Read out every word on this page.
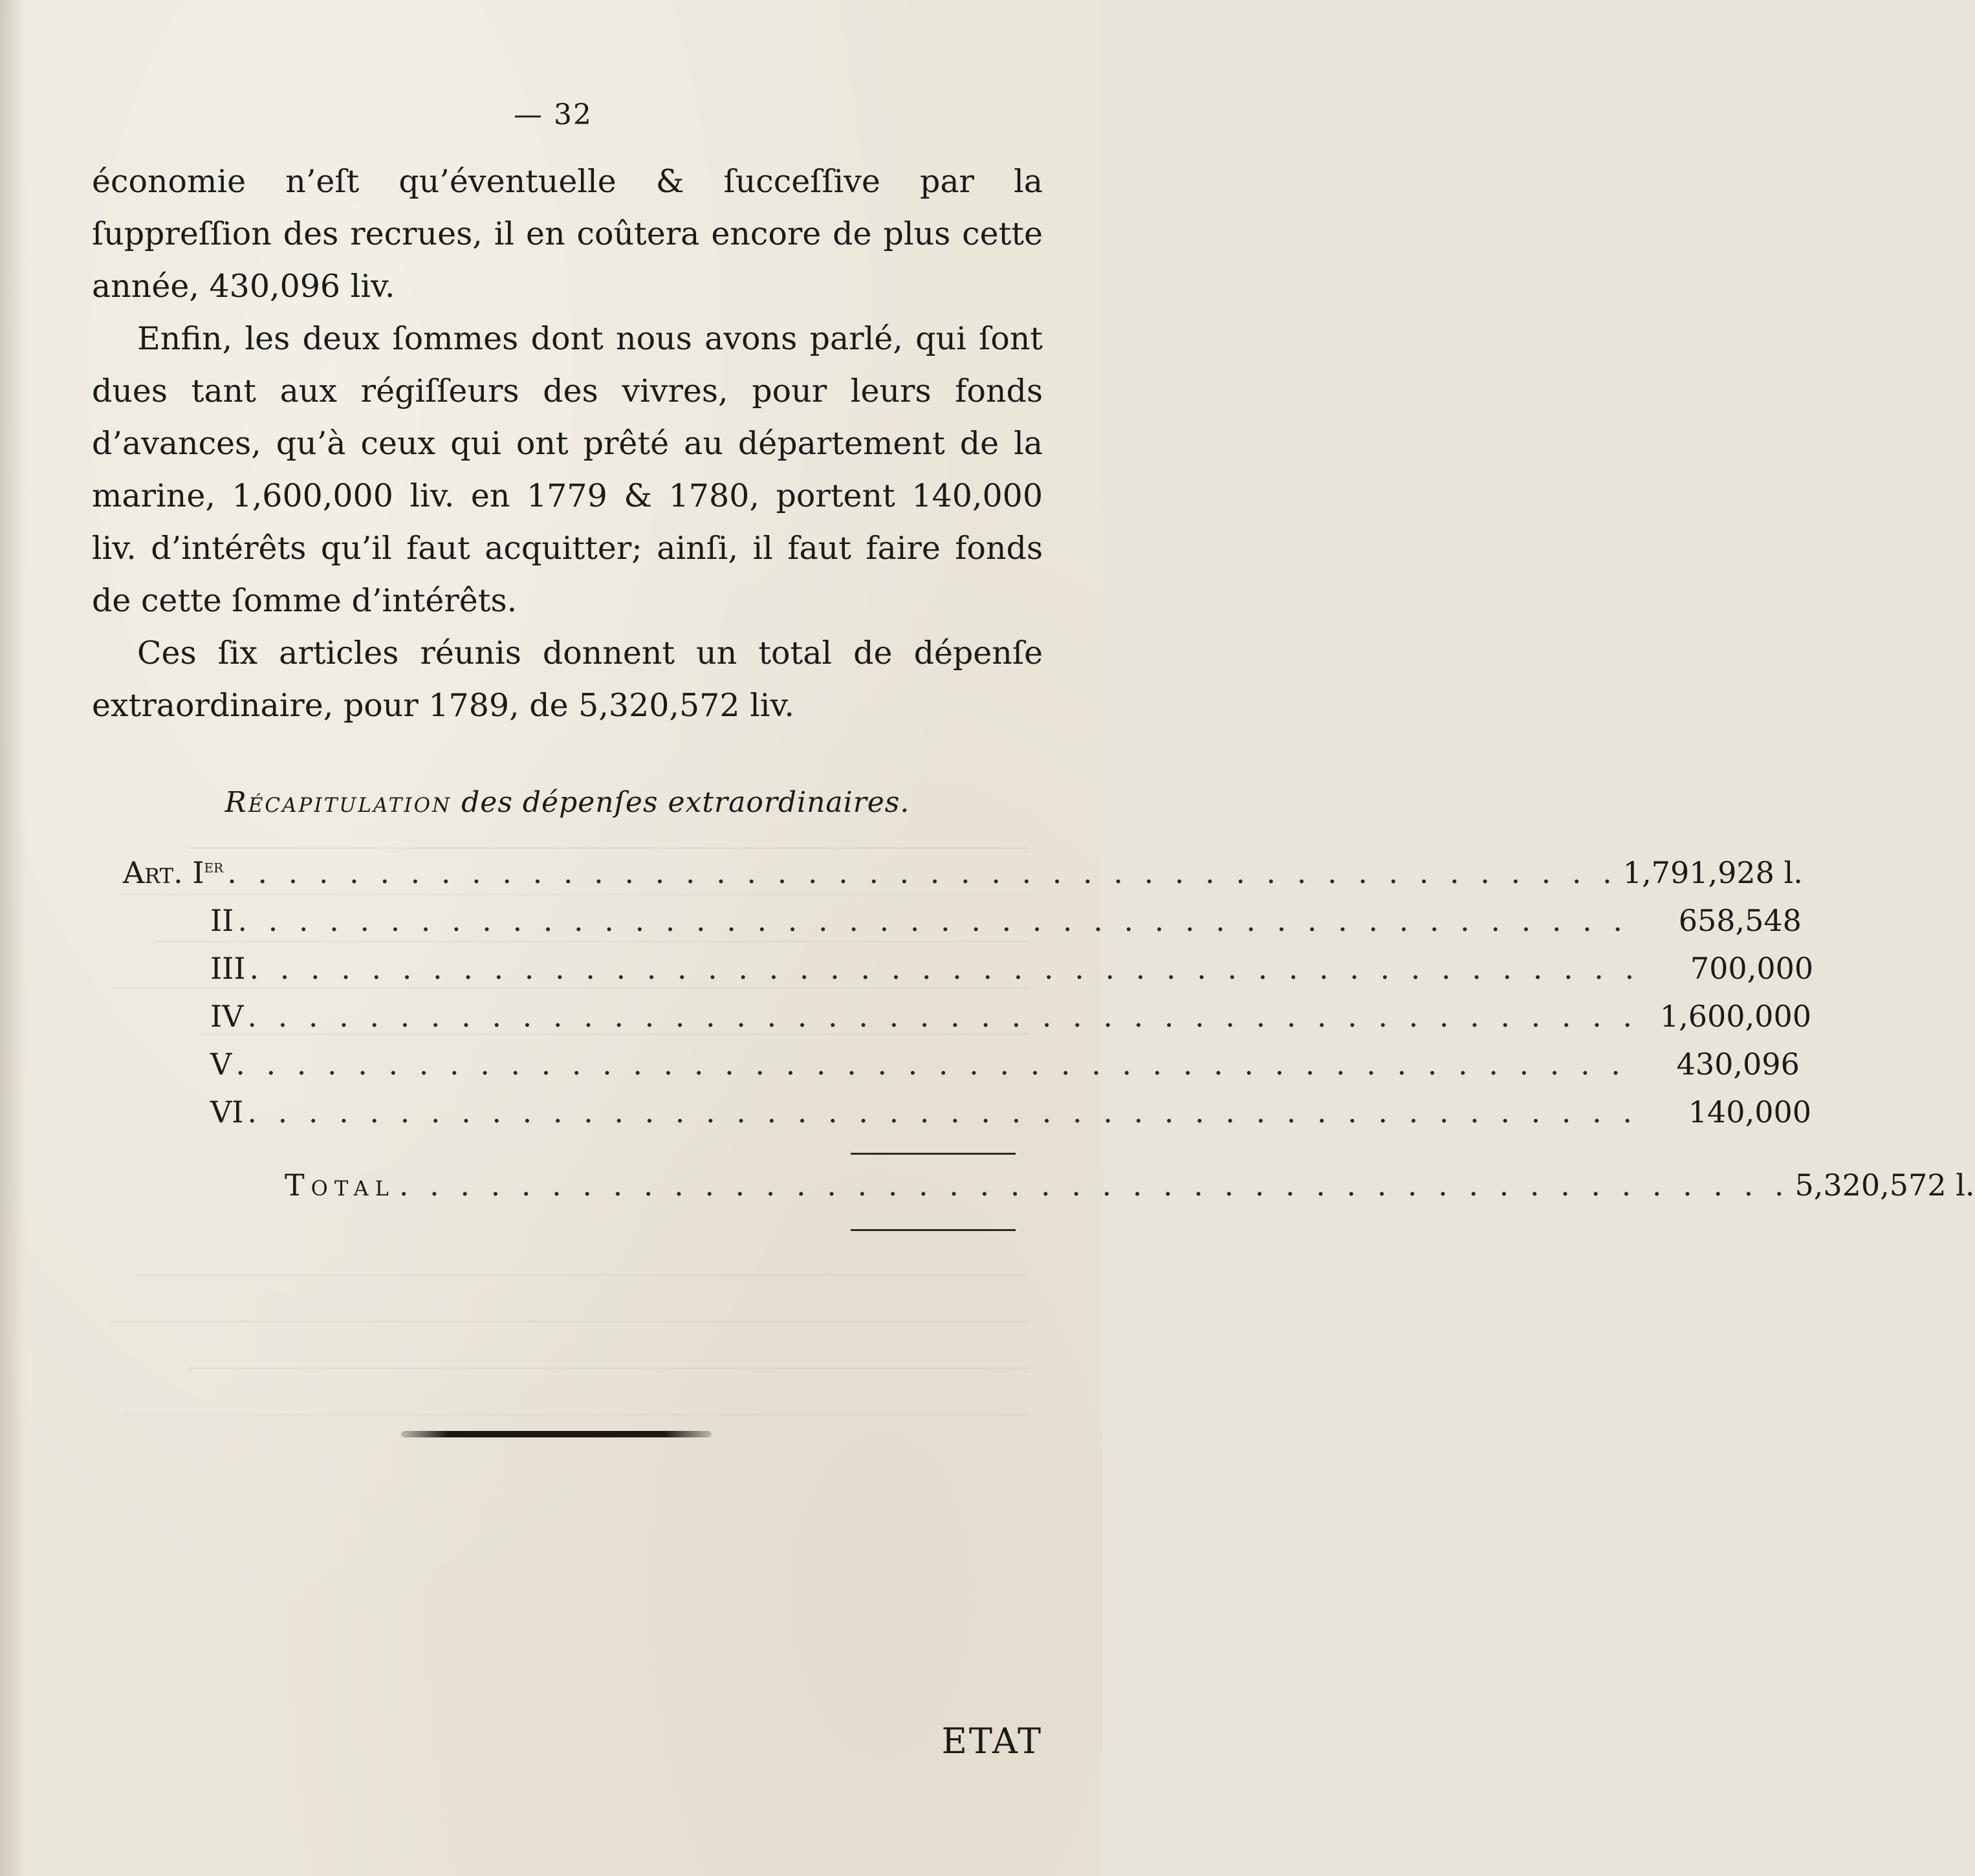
— 32

économie n’eſt qu’éventuelle & ſucceſſive par la ſuppreſſion des recrues, il en coûtera encore de plus cette année, 430,096 liv.

Enfin, les deux ſommes dont nous avons parlé, qui ſont dues tant aux régiſſeurs des vivres, pour leurs fonds d’avances, qu’à ceux qui ont prêté au département de la marine, 1,600,000 liv. en 1779 & 1780, portent 140,000 liv. d’intérêts qu’il faut acquitter; ainſi, il faut faire fonds de cette ſomme d’intérêts.

Ces ſix articles réunis donnent un total de dépenſe extraordinaire, pour 1789, de 5,320,572 liv.

Récapitulation des dépenſes extraordinaires.
Art. Ier . . . . . . . . . . . . . . . . . . . . . . . . . . . . . . . . . . . . . . . . . . . . . . 1,791,928 l.
II . . . . . . . . . . . . . . . . . . . . . . . . . . . . . . . . . . . . . . . . . . . . . .	658,548
III . . . . . . . . . . . . . . . . . . . . . . . . . . . . . . . . . . . . . . . . . . . . . .	700,000
IV . . . . . . . . . . . . . . . . . . . . . . . . . . . . . . . . . . . . . . . . . . . . . . 1,600,000
V . . . . . . . . . . . . . . . . . . . . . . . . . . . . . . . . . . . . . . . . . . . . . .	430,096
VI . . . . . . . . . . . . . . . . . . . . . . . . . . . . . . . . . . . . . . . . . . . . . .	140,000
Total . . . . . . . . . . . . . . . . . . . . . . . . . . . . . . . . . . . . . . . . . . . . . . 5,320,572 l.
ETAT
